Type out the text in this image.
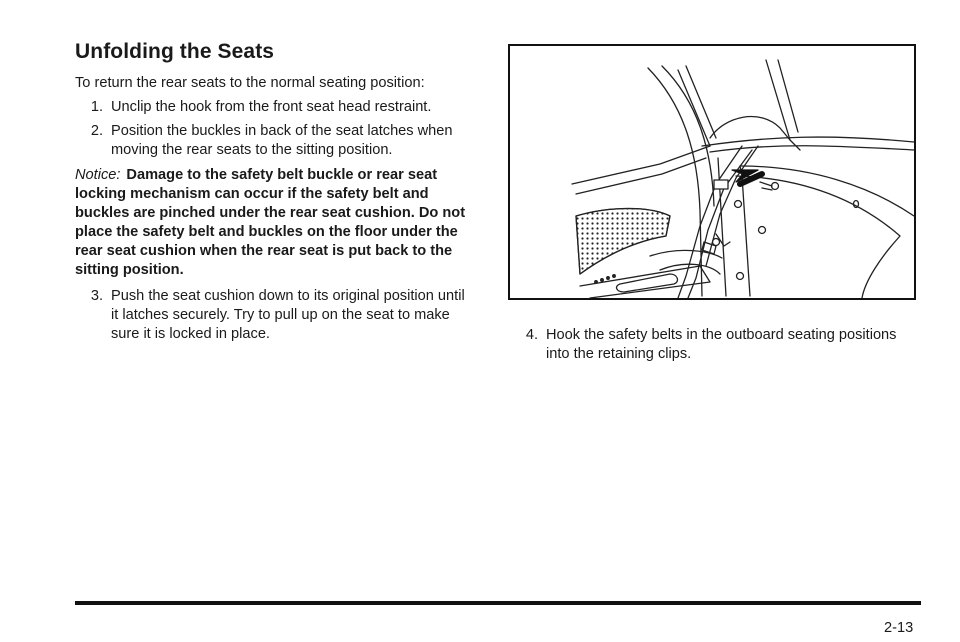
Unfolding the Seats

To return the rear seats to the normal seating position:

1. Unclip the hook from the front seat head restraint.
2. Position the buckles in back of the seat latches when moving the rear seats to the sitting position.

Notice: Damage to the safety belt buckle or rear seat locking mechanism can occur if the safety belt and buckles are pinched under the rear seat cushion. Do not place the safety belt and buckles on the floor under the rear seat cushion when the rear seat is put back to the sitting position.

3. Push the seat cushion down to its original position until it latches securely. Try to pull up on the seat to make sure it is locked in place.	4. Hook the safety belts in the outboard seating positions into the retaining clips.
2-13
